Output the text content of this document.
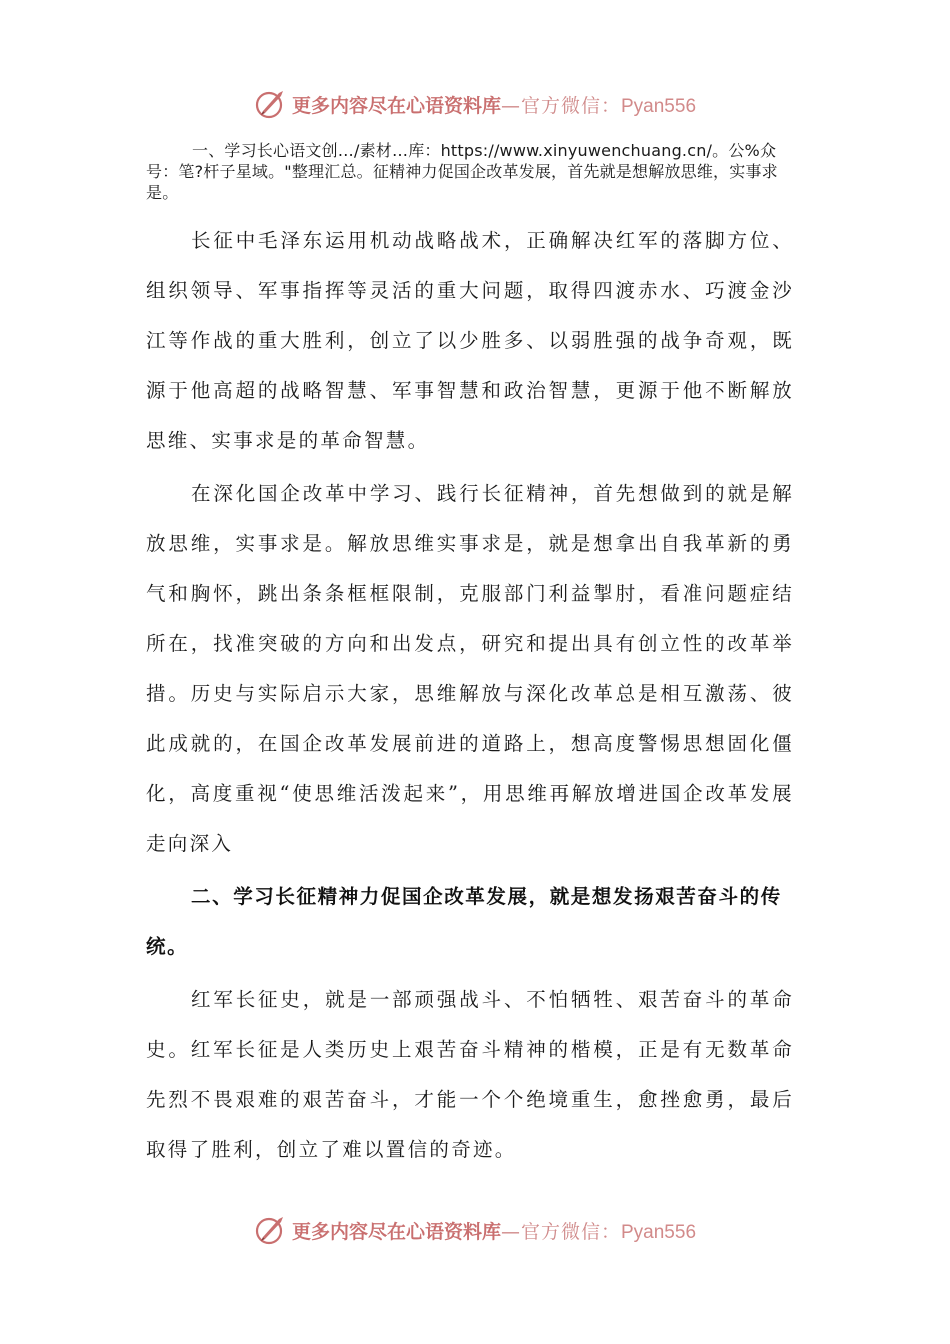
更多内容尽在心语资料库—官方微信：Pyan556

一、学习长心语文创…/素材…库：https://www.xinyuwenchuang.cn/。公%众号：笔?杆子星域。"整理汇总。征精神力促国企改革发展，首先就是想解放思维，实事求是。

长征中毛泽东运用机动战略战术，正确解决红军的落脚方位、组织领导、军事指挥等灵活的重大问题，取得四渡赤水、巧渡金沙江等作战的重大胜利，创立了以少胜多、以弱胜强的战争奇观，既源于他高超的战略智慧、军事智慧和政治智慧，更源于他不断解放思维、实事求是的革命智慧。

在深化国企改革中学习、践行长征精神，首先想做到的就是解放思维，实事求是。解放思维实事求是，就是想拿出自我革新的勇气和胸怀，跳出条条框框限制，克服部门利益掣肘，看准问题症结所在，找准突破的方向和出发点，研究和提出具有创立性的改革举措。历史与实际启示大家，思维解放与深化改革总是相互激荡、彼此成就的，在国企改革发展前进的道路上，想高度警惕思想固化僵化，高度重视“使思维活泼起来”，用思维再解放增进国企改革发展走向深入

二、学习长征精神力促国企改革发展，就是想发扬艰苦奋斗的传统。

红军长征史，就是一部顽强战斗、不怕牺牲、艰苦奋斗的革命史。红军长征是人类历史上艰苦奋斗精神的楷模，正是有无数革命先烈不畏艰难的艰苦奋斗，才能一个个绝境重生，愈挫愈勇，最后取得了胜利，创立了难以置信的奇迹。

更多内容尽在心语资料库—官方微信：Pyan556
